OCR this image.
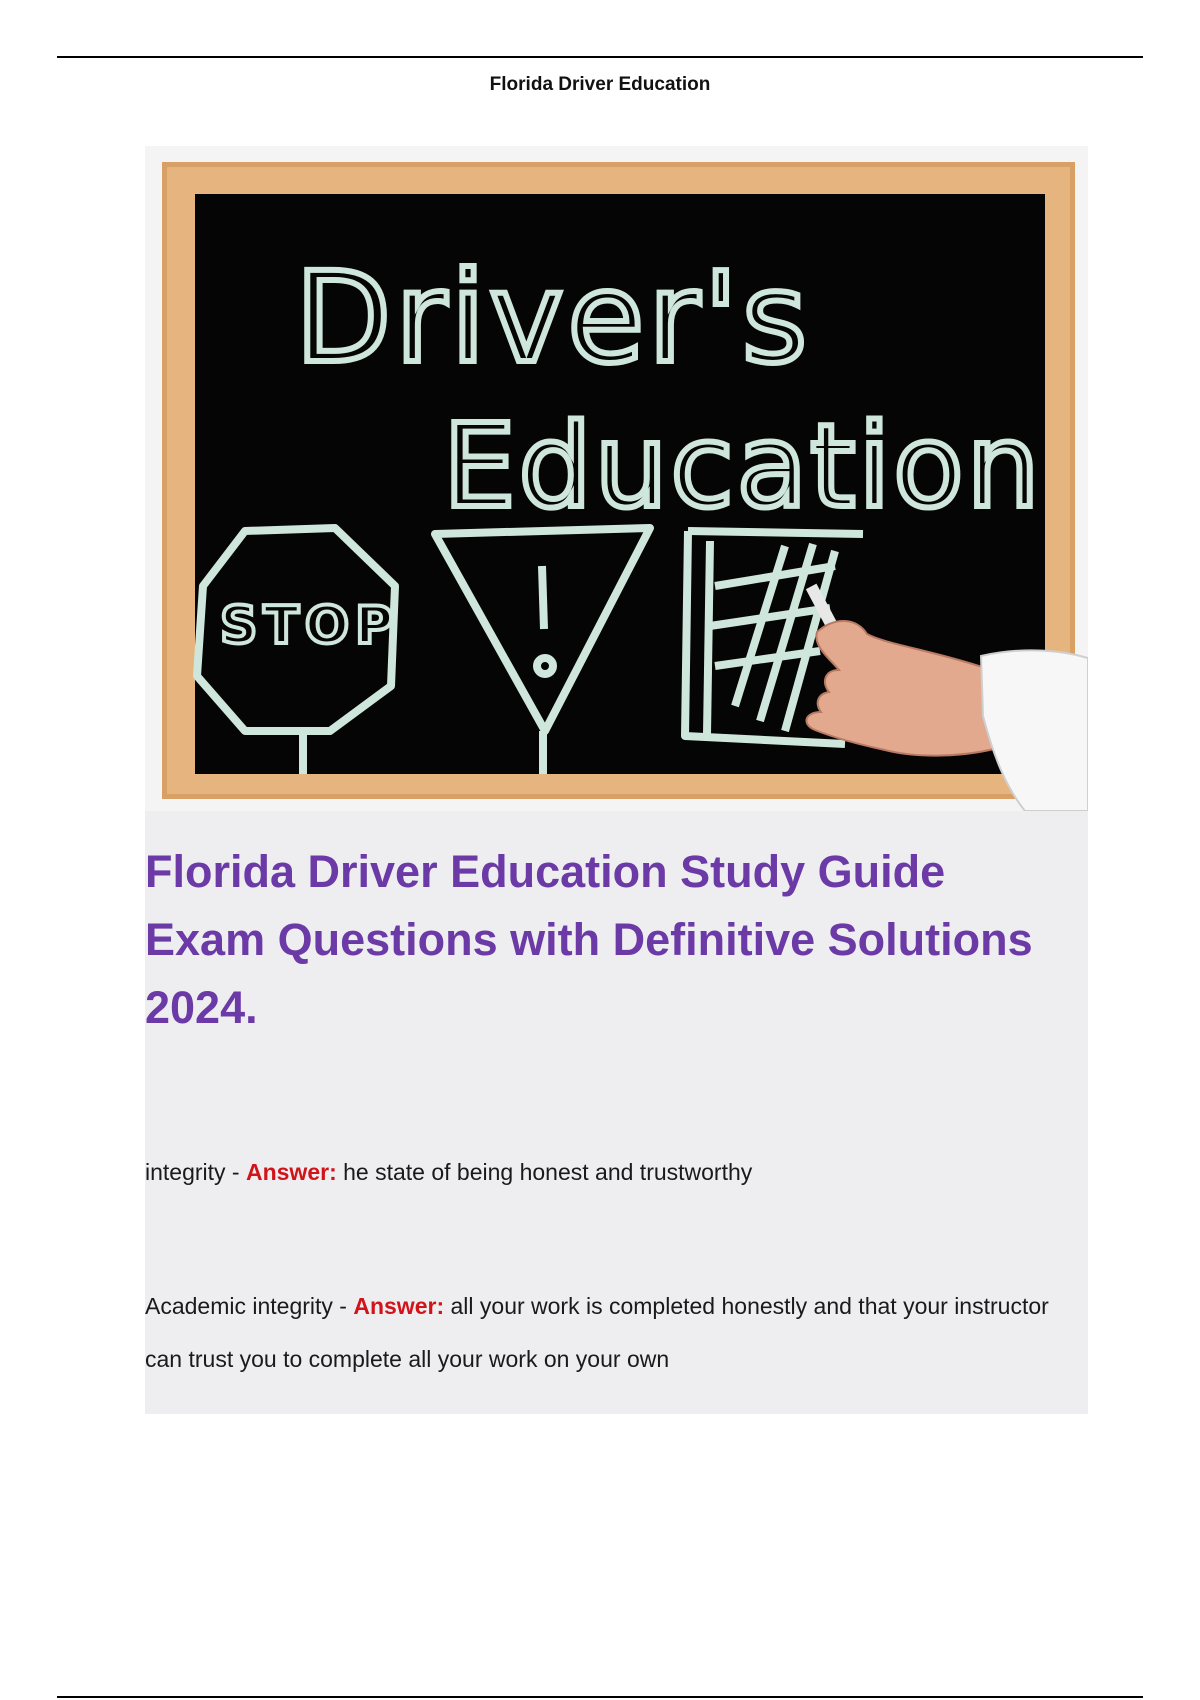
Florida Driver Education
Driver's
Education
STOP
Florida Driver Education Study Guide Exam Questions with Definitive Solutions 2024.

integrity - Answer: he state of being honest and trustworthy

Academic integrity - Answer: all your work is completed honestly and that your instructor can trust you to complete all your work on your own
